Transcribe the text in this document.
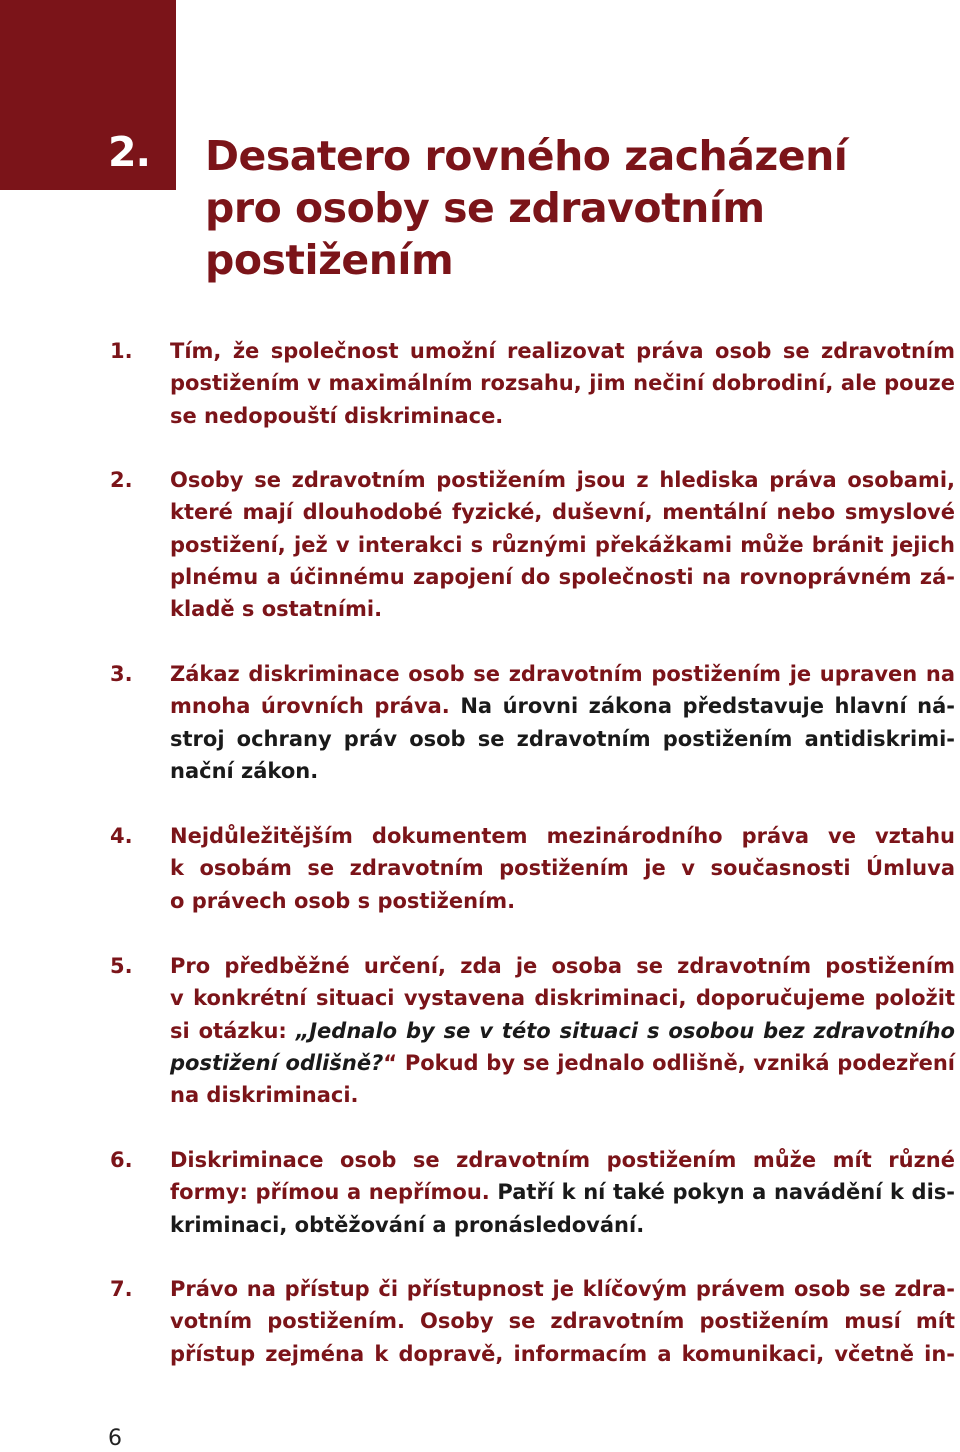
2. Desatero rovného zacházení
pro osoby se zdravotním
postižením
1.	Tím, že společnost umožní realizovat práva osob se zdravotním
postižením v maximálním rozsahu, jim nečiní dobrodiní, ale pouze
se nedopouští diskriminace.
2.	Osoby se zdravotním postižením jsou z hlediska práva osobami,
které mají dlouhodobé fyzické, duševní, mentální nebo smyslové
postižení, jež v interakci s různými překážkami může bránit jejich
plnému a účinnému zapojení do společnosti na rovnoprávném zá-
kladě s ostatními.
3.	Zákaz diskriminace osob se zdravotním postižením je upraven na
mnoha úrovních práva. Na úrovni zákona představuje hlavní ná-
stroj ochrany práv osob se zdravotním postižením antidiskrimi-
nační zákon.
4.	Nejdůležitějším dokumentem mezinárodního práva ve vztahu
k osobám se zdravotním postižením je v současnosti Úmluva
o právech osob s postižením.
5.	Pro předběžné určení, zda je osoba se zdravotním postižením
v konkrétní situaci vystavena diskriminaci, doporučujeme položit
si otázku: „Jednalo by se v této situaci s osobou bez zdravotního
postižení odlišně?“ Pokud by se jednalo odlišně, vzniká podezření
na diskriminaci.
6.	Diskriminace osob se zdravotním postižením může mít různé
formy: přímou a nepřímou. Patří k ní také pokyn a navádění k dis-
kriminaci, obtěžování a pronásledování.
7.	Právo na přístup či přístupnost je klíčovým právem osob se zdra-
votním postižením. Osoby se zdravotním postižením musí mít
přístup zejména k dopravě, informacím a komunikaci, včetně in-
6
